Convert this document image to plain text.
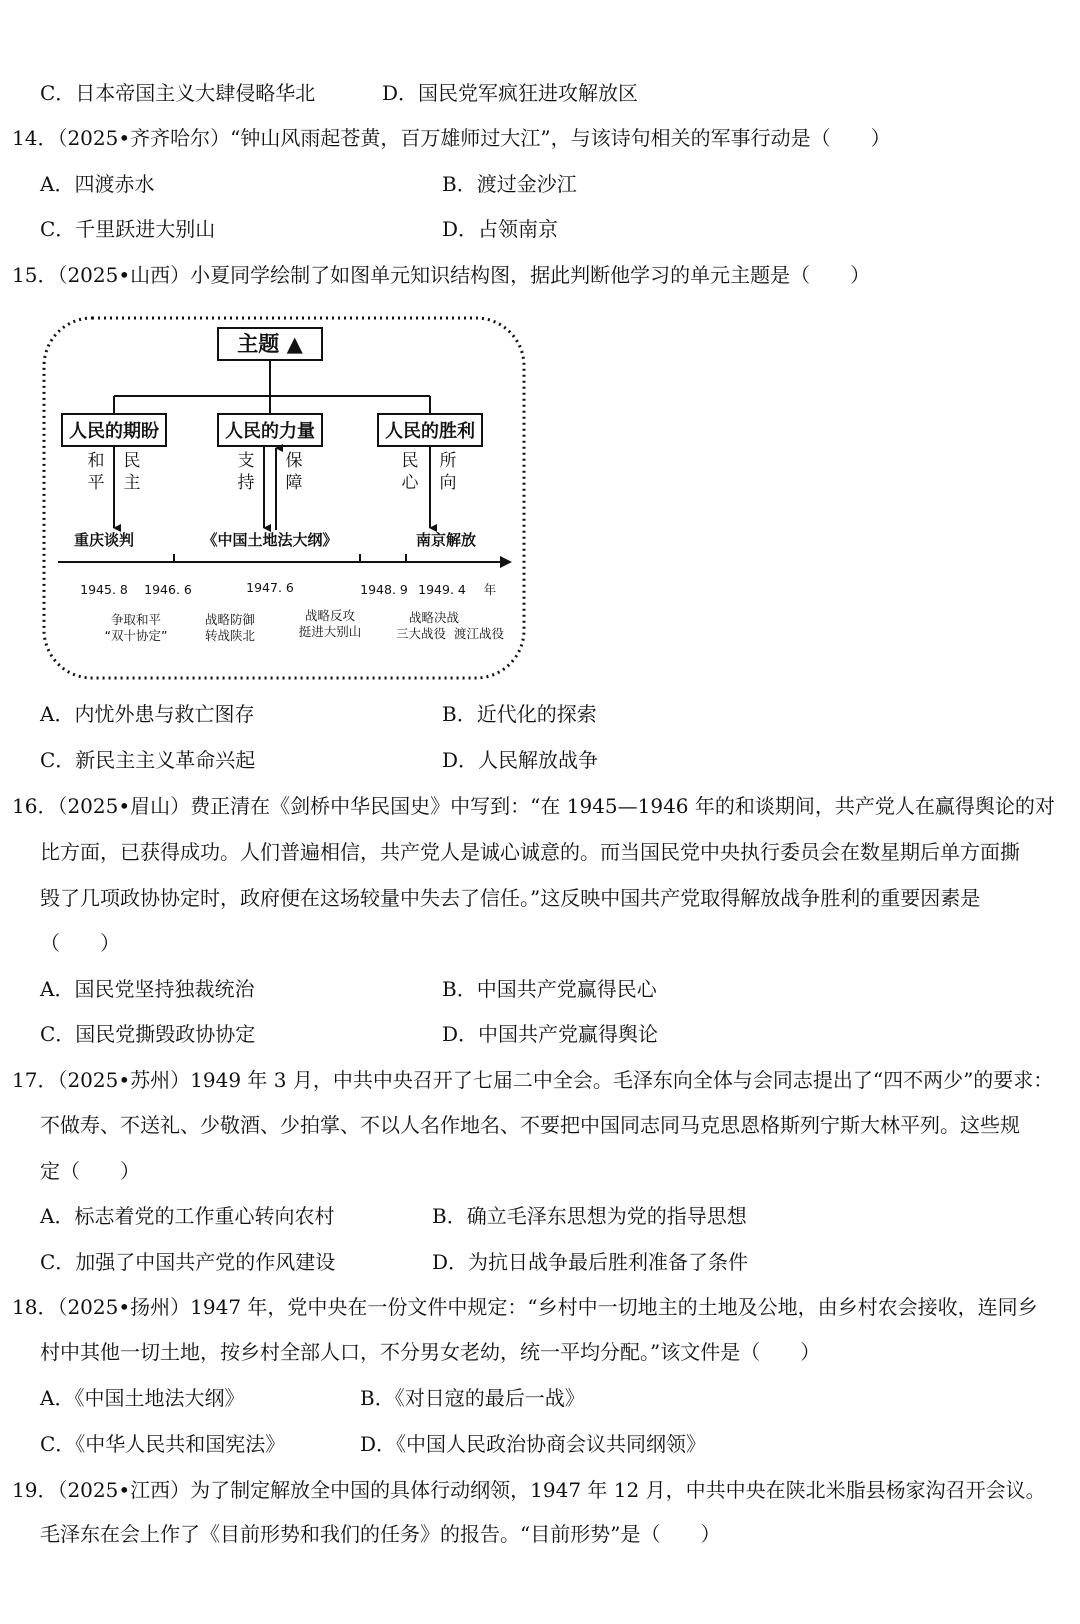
C．日本帝国主义大肆侵略华北	D．国民党军疯狂进攻解放区
14．（2025•齐齐哈尔）“钟山风雨起苍黄，百万雄师过大江”，与该诗句相关的军事行动是（　　）
A．四渡赤水	B．渡过金沙江
C．千里跃进大别山	D．占领南京
15．（2025•山西）小夏同学绘制了如图单元知识结构图，据此判断他学习的单元主题是（　　）
主题 ▲
人民的期盼	人民的力量	人民的胜利
和
平
民
主
支
持
保
障
民
心
所
向
重庆谈判	《中国土地法大纲》	南京解放
1945. 8 1946. 6	1947. 6	1948. 9 1949. 4 年
争取和平
“双十协定”
战略防御
转战陕北
战略反攻
挺进大别山
战略决战
三大战役  渡江战役
A．内忧外患与救亡图存	B．近代化的探索
C．新民主主义革命兴起	D．人民解放战争
16．（2025•眉山）费正清在《剑桥中华民国史》中写到：“在 1945—1946 年的和谈期间，共产党人在赢得舆论的对
比方面，已获得成功。人们普遍相信，共产党人是诚心诚意的。而当国民党中央执行委员会在数星期后单方面撕
毁了几项政协协定时，政府便在这场较量中失去了信任。”这反映中国共产党取得解放战争胜利的重要因素是
（　　）
A．国民党坚持独裁统治	B．中国共产党赢得民心
C．国民党撕毁政协协定	D．中国共产党赢得舆论
17．（2025•苏州）1949 年 3 月，中共中央召开了七届二中全会。毛泽东向全体与会同志提出了“四不两少”的要求：
不做寿、不送礼、少敬酒、少拍掌、不以人名作地名、不要把中国同志同马克思恩格斯列宁斯大林平列。这些规
定（　　）
A．标志着党的工作重心转向农村	B．确立毛泽东思想为党的指导思想
C．加强了中国共产党的作风建设	D．为抗日战争最后胜利准备了条件
18．（2025•扬州）1947 年，党中央在一份文件中规定：“乡村中一切地主的土地及公地，由乡村农会接收，连同乡
村中其他一切土地，按乡村全部人口，不分男女老幼，统一平均分配。”该文件是（　　）
A．《中国土地法大纲》	B．《对日寇的最后一战》
C．《中华人民共和国宪法》	D．《中国人民政治协商会议共同纲领》
19．（2025•江西）为了制定解放全中国的具体行动纲领，1947 年 12 月，中共中央在陕北米脂县杨家沟召开会议。
毛泽东在会上作了《目前形势和我们的任务》的报告。“目前形势”是（　　）
